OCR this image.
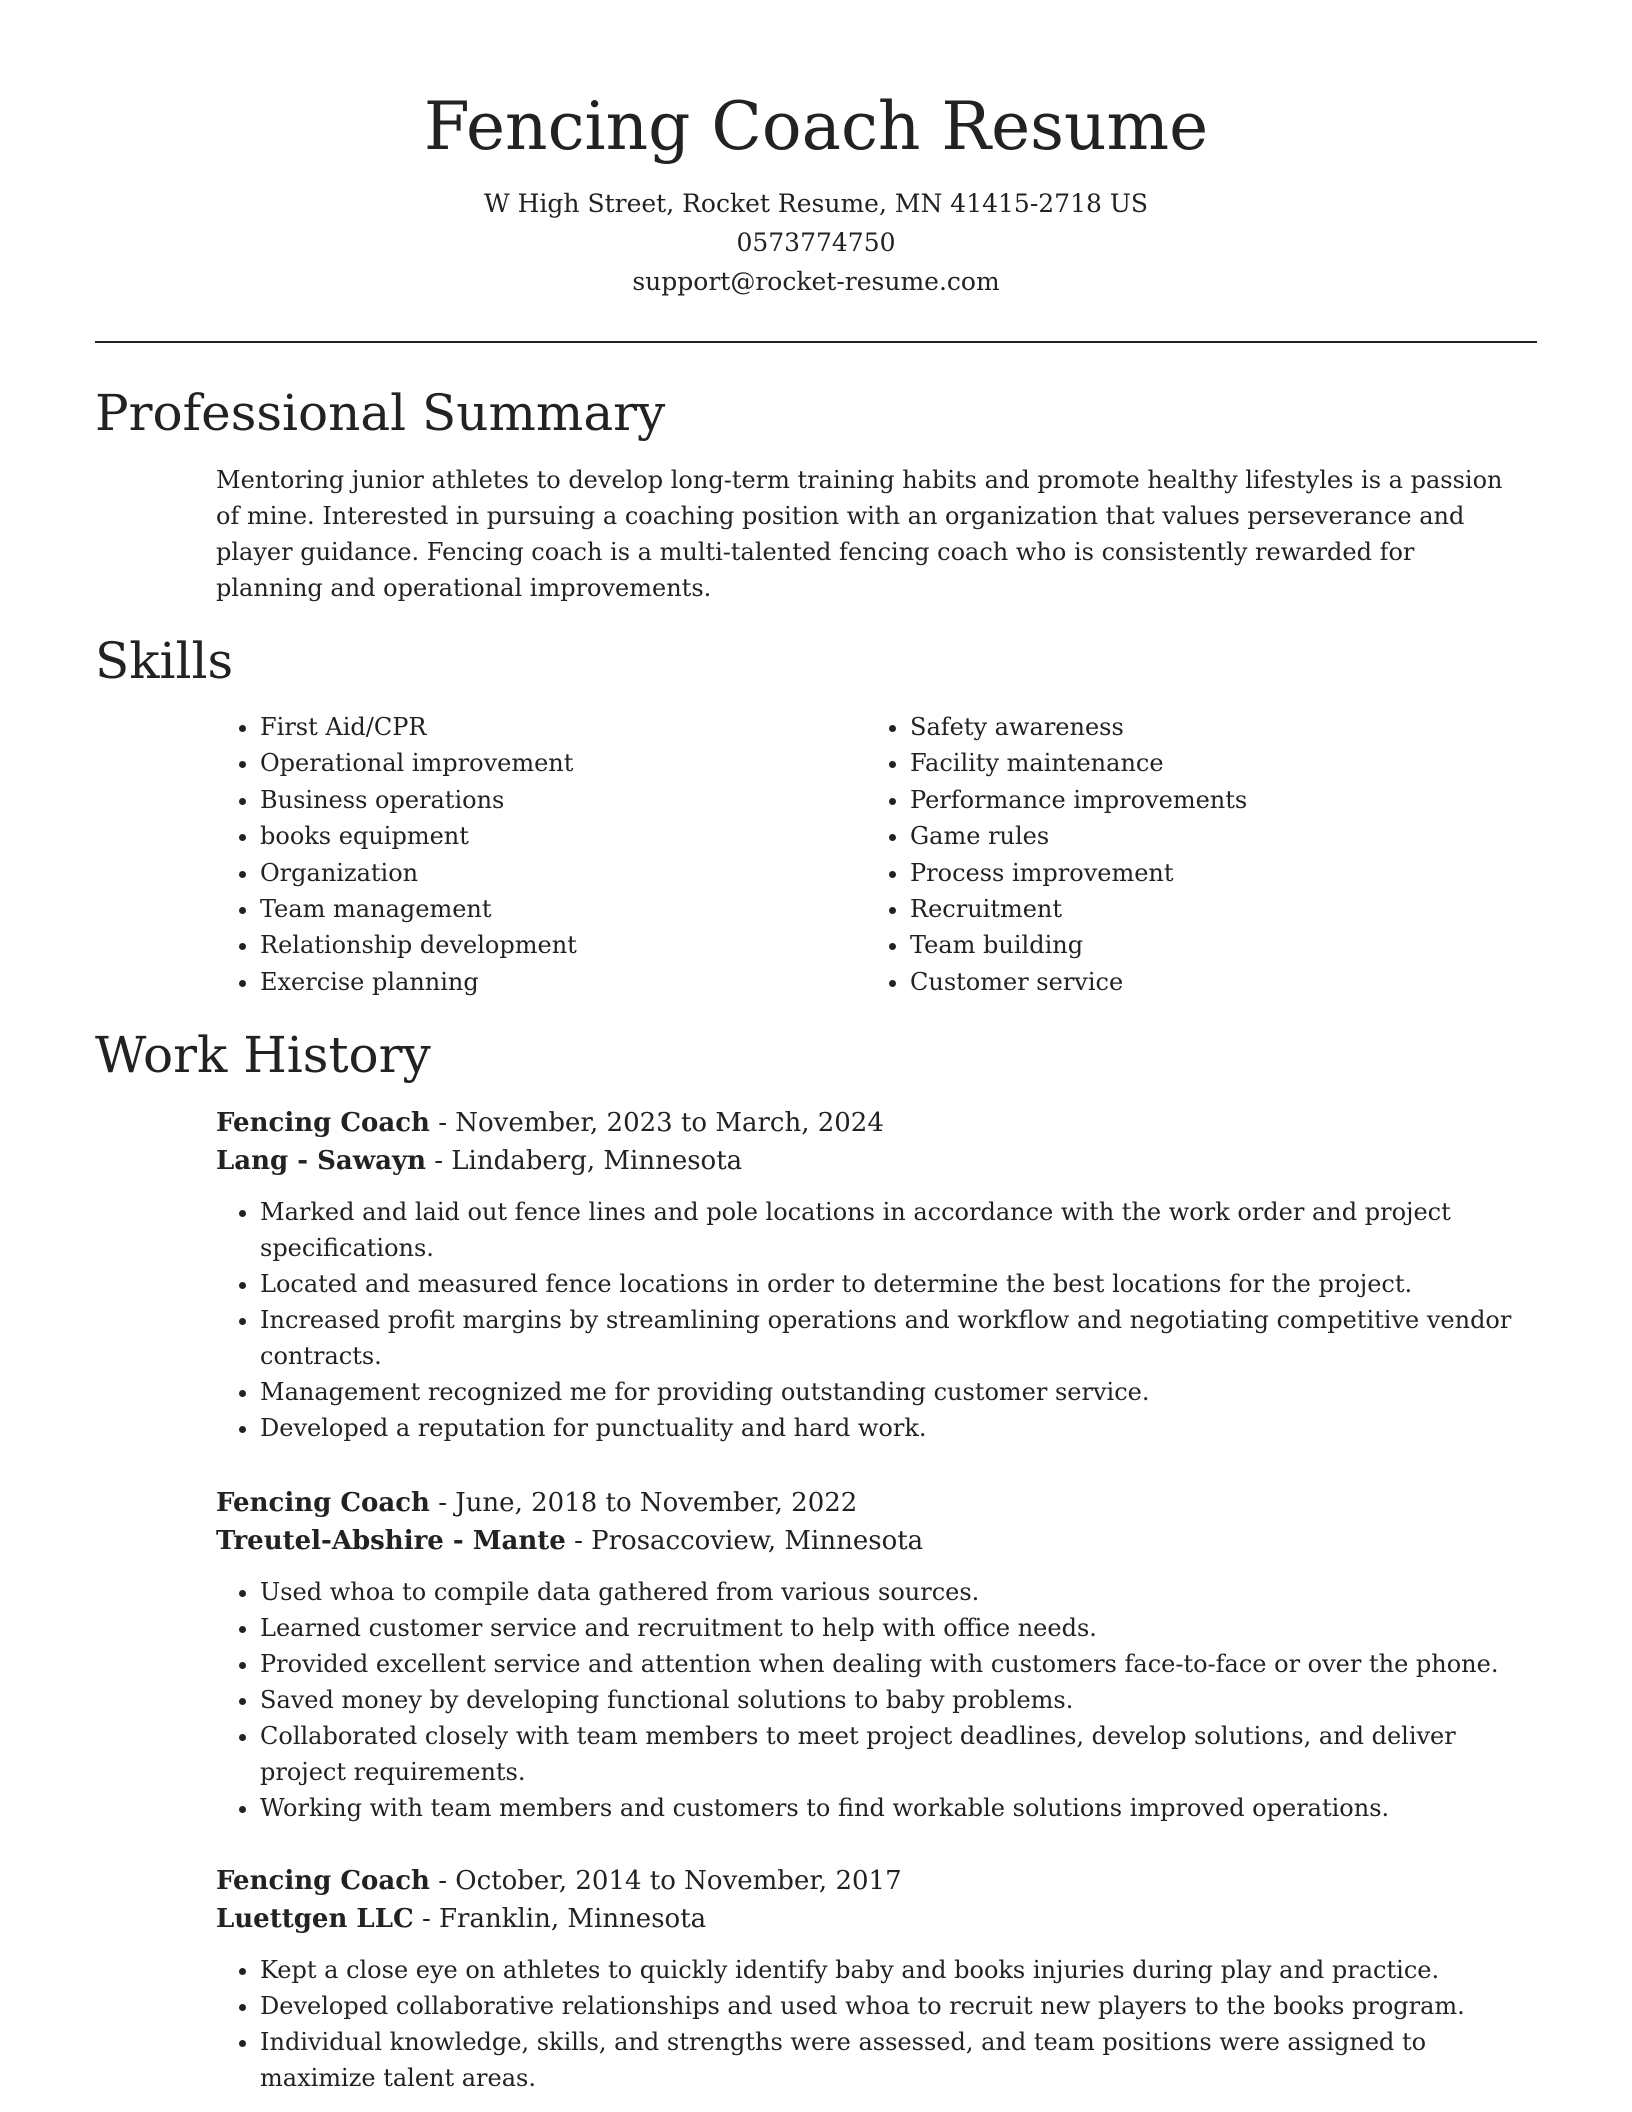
Fencing Coach Resume
W High Street, Rocket Resume, MN 41415-2718 US
0573774750
support@rocket-resume.com
Professional Summary

Mentoring junior athletes to develop long-term training habits and promote healthy lifestyles is a passion of mine. Interested in pursuing a coaching position with an organization that values perseverance and player guidance. Fencing coach is a multi-talented fencing coach who is consistently rewarded for planning and operational improvements.

Skills
• First Aid/CPR
• Operational improvement
• Business operations
• books equipment
• Organization
• Team management
• Relationship development
• Exercise planning
• Safety awareness
• Facility maintenance
• Performance improvements
• Game rules
• Process improvement
• Recruitment
• Team building
• Customer service
Work History

Fencing Coach - November, 2023 to March, 2024

Lang - Sawayn - Lindaberg, Minnesota

• Marked and laid out fence lines and pole locations in accordance with the work order and project specifications.
• Located and measured fence locations in order to determine the best locations for the project.
• Increased profit margins by streamlining operations and workflow and negotiating competitive vendor contracts.
• Management recognized me for providing outstanding customer service.
• Developed a reputation for punctuality and hard work.

Fencing Coach - June, 2018 to November, 2022

Treutel-Abshire - Mante - Prosaccoview, Minnesota

• Used whoa to compile data gathered from various sources.
• Learned customer service and recruitment to help with office needs.
• Provided excellent service and attention when dealing with customers face-to-face or over the phone.
• Saved money by developing functional solutions to baby problems.
• Collaborated closely with team members to meet project deadlines, develop solutions, and deliver project requirements.
• Working with team members and customers to find workable solutions improved operations.

Fencing Coach - October, 2014 to November, 2017

Luettgen LLC - Franklin, Minnesota

• Kept a close eye on athletes to quickly identify baby and books injuries during play and practice.
• Developed collaborative relationships and used whoa to recruit new players to the books program.
• Individual knowledge, skills, and strengths were assessed, and team positions were assigned to maximize talent areas.
